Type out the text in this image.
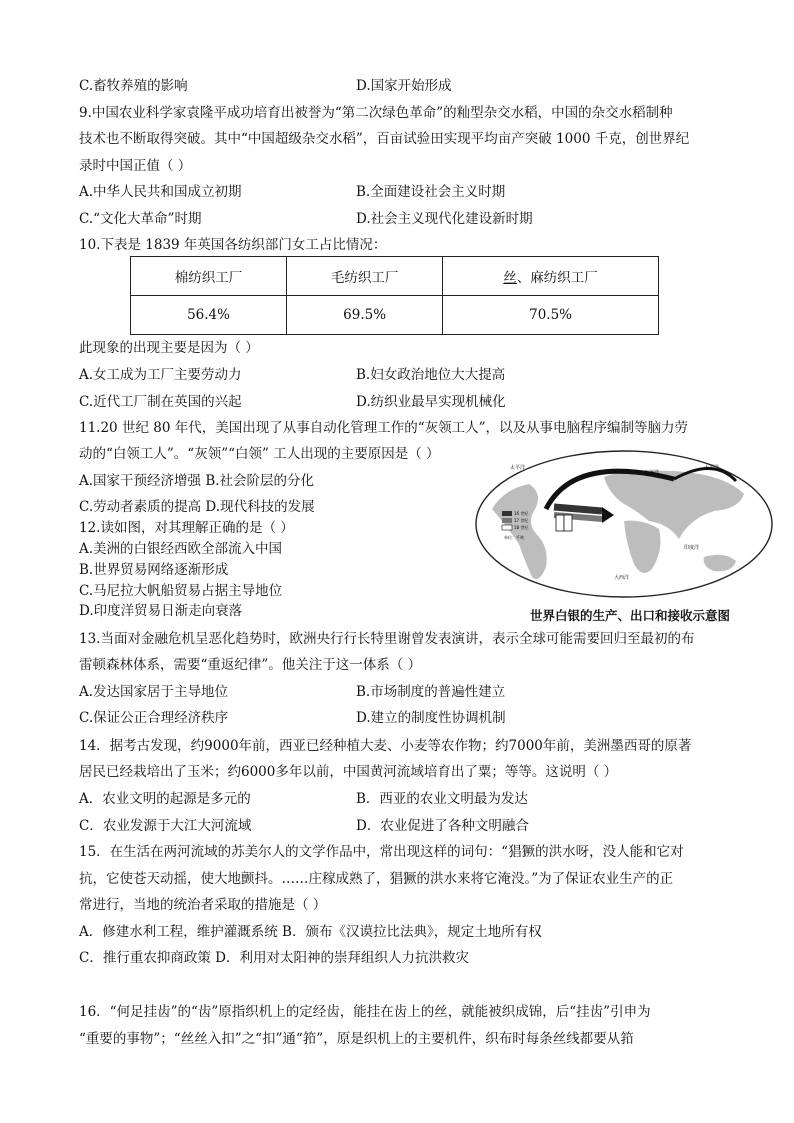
C.畜牧养殖的影响	D.国家开始形成
9.中国农业科学家袁隆平成功培育出被誉为“第二次绿色革命”的籼型杂交水稻，中国的杂交水稻制种
技术也不断取得突破。其中“中国超级杂交水稻”，百亩试验田实现平均亩产突破 1000 千克，创世界纪
录时中国正值（ ）
A.中华人民共和国成立初期	B.全面建设社会主义时期
C.“文化大革命”时期	D.社会主义现代化建设新时期
10.下表是 1839 年英国各纺织部门女工占比情况：
棉纺织工厂	毛纺织工厂	丝、麻纺织工厂
56.4%	69.5%	70.5%
此现象的出现主要是因为（ ）
A.女工成为工厂主要劳动力	B.妇女政治地位大大提高
C.近代工厂制在英国的兴起	D.纺织业最早实现机械化
11.20 世纪 80 年代，美国出现了从事自动化管理工作的“灰领工人”，以及从事电脑程序编制等脑力劳
动的“白领工人”。“灰领”“白领” 工人出现的主要原因是（ ）
A.国家干预经济增强 B.社会阶层的分化
C.劳动者素质的提高 D.现代科技的发展
12.读如图，对其理解正确的是（ ）
A.美洲的白银经西欧全部流入中国
B.世界贸易网络逐渐形成
C.马尼拉大帆船贸易占据主导地位
D.印度洋贸易日渐走向衰落
太平洋
北冰洋
太平洋
印度洋
大西洋
16 世纪
17 世纪
18 世纪
单位：千吨
世界白银的生产、出口和接收示意图
13.当面对金融危机呈恶化趋势时，欧洲央行行长特里谢曾发表演讲，表示全球可能需要回归至最初的布
雷顿森林体系，需要“重返纪律”。他关注于这一体系（ ）
A.发达国家居于主导地位	B.市场制度的普遍性建立
C.保证公正合理经济秩序	D.建立的制度性协调机制
14．据考古发现，约9000年前，西亚已经种植大麦、小麦等农作物；约7000年前，美洲墨西哥的原著
居民已经栽培出了玉米；约6000多年以前，中国黄河流域培育出了粟；等等。这说明（ ）
A．农业文明的起源是多元的	B．西亚的农业文明最为发达
C．农业发源于大江大河流域	D．农业促进了各种文明融合
15．在生活在两河流域的苏美尔人的文学作品中，常出现这样的词句：“猖獗的洪水呀，没人能和它对
抗，它使苍天动摇，使大地颤抖。……庄稼成熟了，猖獗的洪水来将它淹没。”为了保证农业生产的正
常进行，当地的统治者采取的措施是（ ）
A．修建水利工程，维护灌溉系统 B．颁布《汉谟拉比法典》，规定土地所有权
C．推行重农抑商政策 D．利用对太阳神的崇拜组织人力抗洪救灾
16．“何足挂齿”的“齿”原指织机上的定经齿，能挂在齿上的丝，就能被织成锦，后“挂齿”引申为
“重要的事物”；“丝丝入扣”之“扣”通“筘”，原是织机上的主要机件，织布时每条丝线都要从筘
